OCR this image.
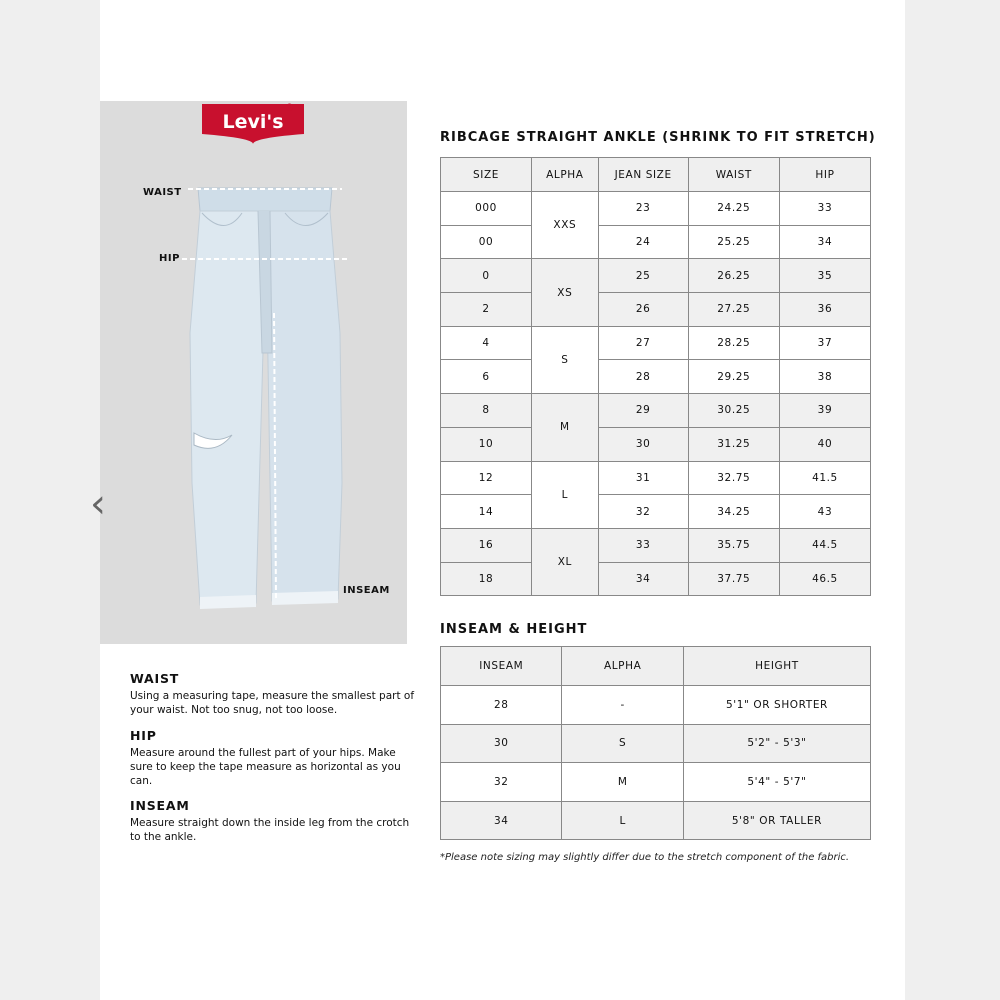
‹
Levi's
®
WAIST
HIP
INSEAM
WAIST

Using a measuring tape, measure the smallest part of your waist. Not too snug, not too loose.

HIP

Measure around the fullest part of your hips. Make sure to keep the tape measure as horizontal as you can.

INSEAM

Measure straight down the inside leg from the crotch to the ankle.

RIBCAGE STRAIGHT ANKLE (SHRINK TO FIT STRETCH)
SIZE	ALPHA	JEAN SIZE	WAIST	HIP
000	XXS	23	24.25	33
00		24	25.25	34
0	XS	25	26.25	35
2		26	27.25	36
4	S	27	28.25	37
6		28	29.25	38
8	M	29	30.25	39
10		30	31.25	40
12	L	31	32.75	41.5
14		32	34.25	43
16	XL	33	35.75	44.5
18		34	37.75	46.5
INSEAM & HEIGHT
INSEAM	ALPHA	HEIGHT
28	-	5'1" OR SHORTER
30	S	5'2" - 5'3"
32	M	5'4" - 5'7"
34	L	5'8" OR TALLER
*Please note sizing may slightly differ due to the stretch component of the fabric.
